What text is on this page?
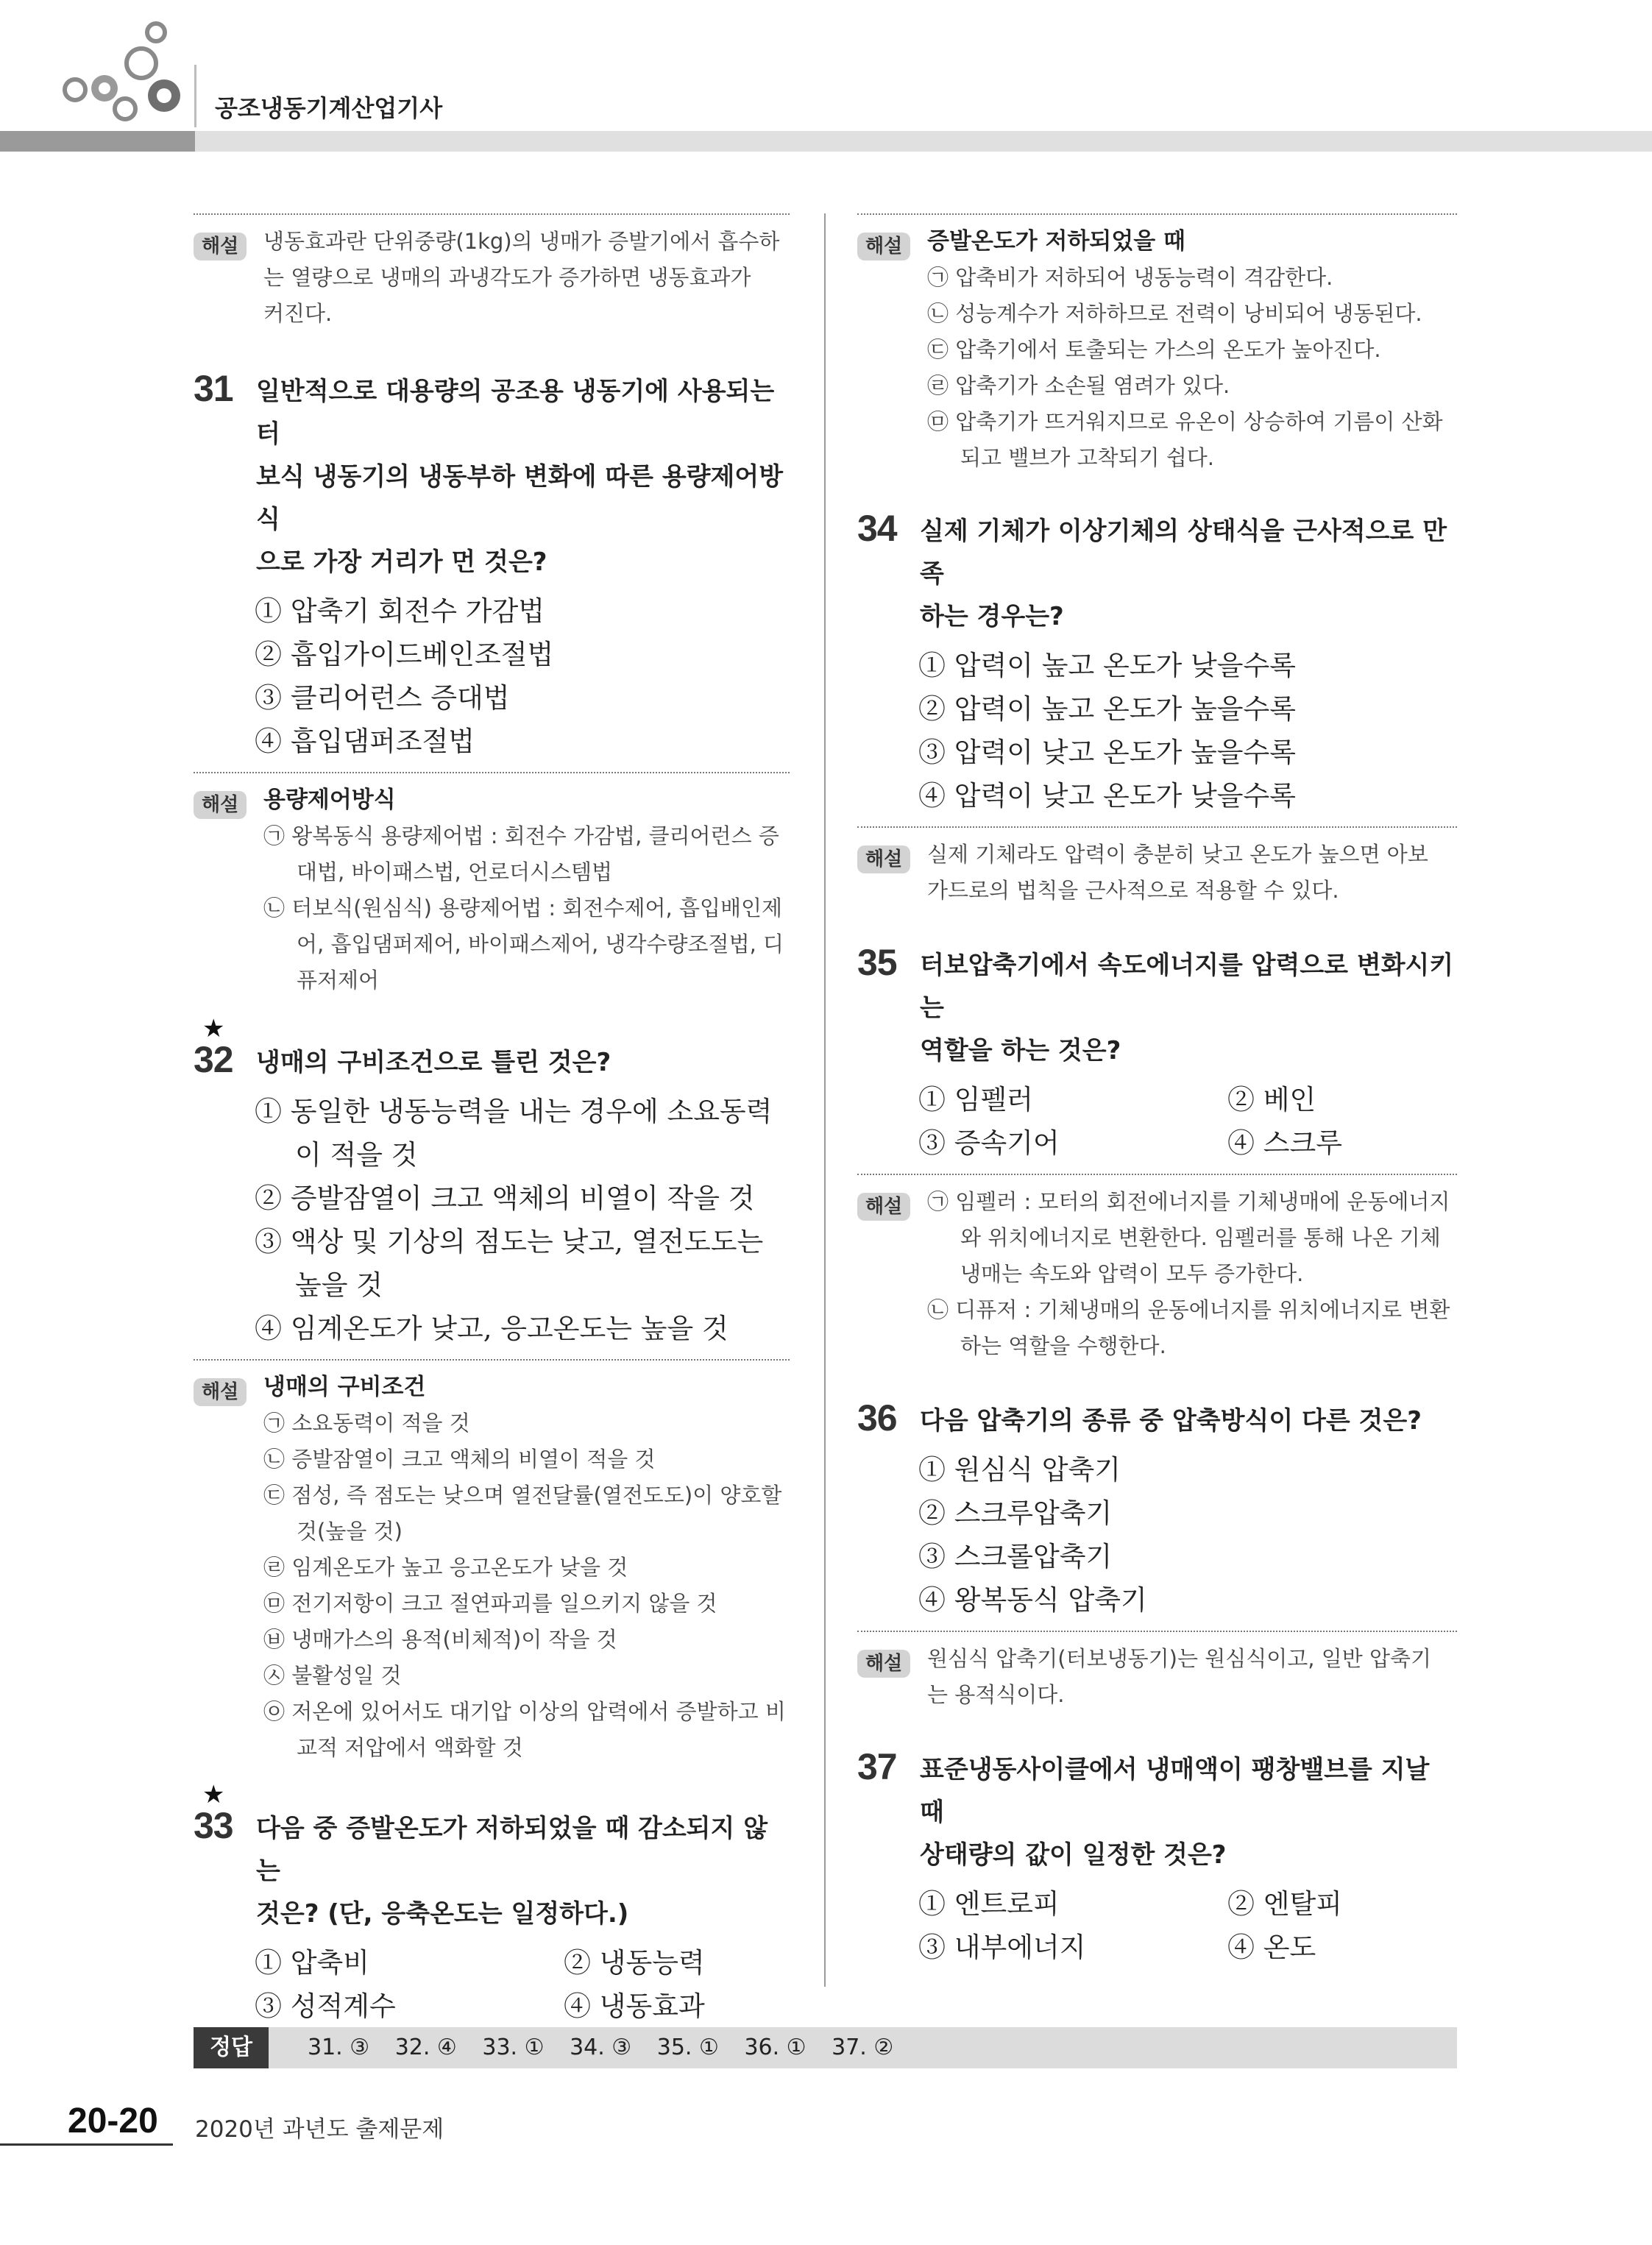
공조냉동기계산업기사
해설	냉동효과란 단위중량(1kg)의 냉매가 증발기에서 흡수하
는 열량으로 냉매의 과냉각도가 증가하면 냉동효과가
커진다.
31 일반적으로 대용량의 공조용 냉동기에 사용되는 터
보식 냉동기의 냉동부하 변화에 따른 용량제어방식
으로 가장 거리가 먼 것은?
① 압축기 회전수 가감법
② 흡입가이드베인조절법
③ 클리어런스 증대법
④ 흡입댐퍼조절법
해설	용량제어방식
㉠ 왕복동식 용량제어법 : 회전수 가감법, 클리어런스 증대법, 바이패스법, 언로더시스템법
㉡ 터보식(원심식) 용량제어법 : 회전수제어, 흡입배인제어, 흡입댐퍼제어, 바이패스제어, 냉각수량조절법, 디퓨저제어
★
32 냉매의 구비조건으로 틀린 것은?
① 동일한 냉동능력을 내는 경우에 소요동력이 적을 것
② 증발잠열이 크고 액체의 비열이 작을 것
③ 액상 및 기상의 점도는 낮고, 열전도도는 높을 것
④ 임계온도가 낮고, 응고온도는 높을 것
해설	냉매의 구비조건
㉠ 소요동력이 적을 것
㉡ 증발잠열이 크고 액체의 비열이 적을 것
㉢ 점성, 즉 점도는 낮으며 열전달률(열전도도)이 양호할 것(높을 것)
㉣ 임계온도가 높고 응고온도가 낮을 것
㉤ 전기저항이 크고 절연파괴를 일으키지 않을 것
㉥ 냉매가스의 용적(비체적)이 작을 것
㉦ 불활성일 것
㉧ 저온에 있어서도 대기압 이상의 압력에서 증발하고 비교적 저압에서 액화할 것
★
33 다음 중 증발온도가 저하되었을 때 감소되지 않는
것은? (단, 응축온도는 일정하다.)
① 압축비	② 냉동능력
③ 성적계수	④ 냉동효과
해설	증발온도가 저하되었을 때
㉠ 압축비가 저하되어 냉동능력이 격감한다.
㉡ 성능계수가 저하하므로 전력이 낭비되어 냉동된다.
㉢ 압축기에서 토출되는 가스의 온도가 높아진다.
㉣ 압축기가 소손될 염려가 있다.
㉤ 압축기가 뜨거워지므로 유온이 상승하여 기름이 산화되고 밸브가 고착되기 쉽다.
34 실제 기체가 이상기체의 상태식을 근사적으로 만족
하는 경우는?
① 압력이 높고 온도가 낮을수록
② 압력이 높고 온도가 높을수록
③ 압력이 낮고 온도가 높을수록
④ 압력이 낮고 온도가 낮을수록
해설	실제 기체라도 압력이 충분히 낮고 온도가 높으면 아보
가드로의 법칙을 근사적으로 적용할 수 있다.
35 터보압축기에서 속도에너지를 압력으로 변화시키는
역할을 하는 것은?
① 임펠러	② 베인
③ 증속기어	④ 스크루
해설	㉠ 임펠러 : 모터의 회전에너지를 기체냉매에 운동에너지와 위치에너지로 변환한다. 임펠러를 통해 나온 기체냉매는 속도와 압력이 모두 증가한다.
㉡ 디퓨저 : 기체냉매의 운동에너지를 위치에너지로 변환하는 역할을 수행한다.
36 다음 압축기의 종류 중 압축방식이 다른 것은?
① 원심식 압축기
② 스크루압축기
③ 스크롤압축기
④ 왕복동식 압축기
해설	원심식 압축기(터보냉동기)는 원심식이고, 일반 압축기
는 용적식이다.
37 표준냉동사이클에서 냉매액이 팽창밸브를 지날 때
상태량의 값이 일정한 것은?
① 엔트로피	② 엔탈피
③ 내부에너지	④ 온도
정답	31. ③ 32. ④ 33. ① 34. ③ 35. ① 36. ① 37. ②
20-20 2020년 과년도 출제문제
